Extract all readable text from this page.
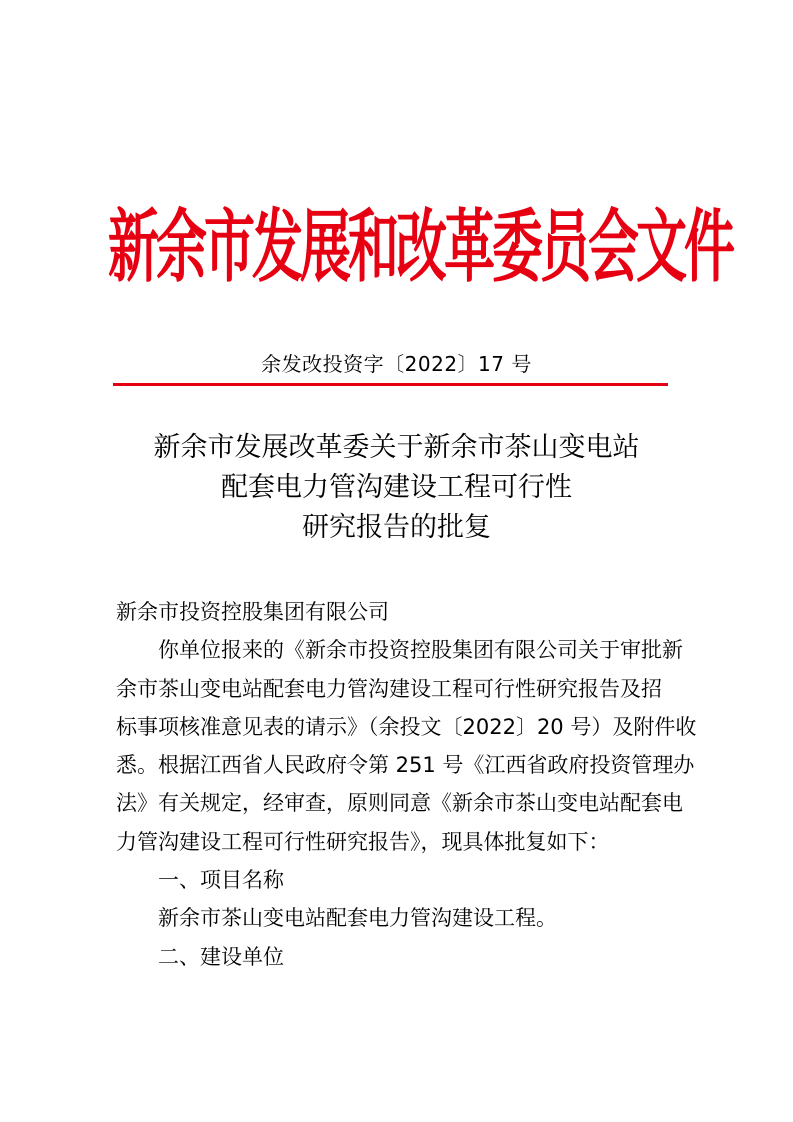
新余市发展和改革委员会文件
余发改投资字〔2022〕17 号
新余市发展改革委关于新余市茶山变电站
配套电力管沟建设工程可行性
研究报告的批复

新余市投资控股集团有限公司

你单位报来的《新余市投资控股集团有限公司关于审批新

余市茶山变电站配套电力管沟建设工程可行性研究报告及招

标事项核准意见表的请示》（余投文〔2022〕20 号）及附件收

悉。根据江西省人民政府令第 251 号《江西省政府投资管理办

法》有关规定，经审查，原则同意《新余市茶山变电站配套电

力管沟建设工程可行性研究报告》，现具体批复如下：

一、项目名称

新余市茶山变电站配套电力管沟建设工程。

二、建设单位
